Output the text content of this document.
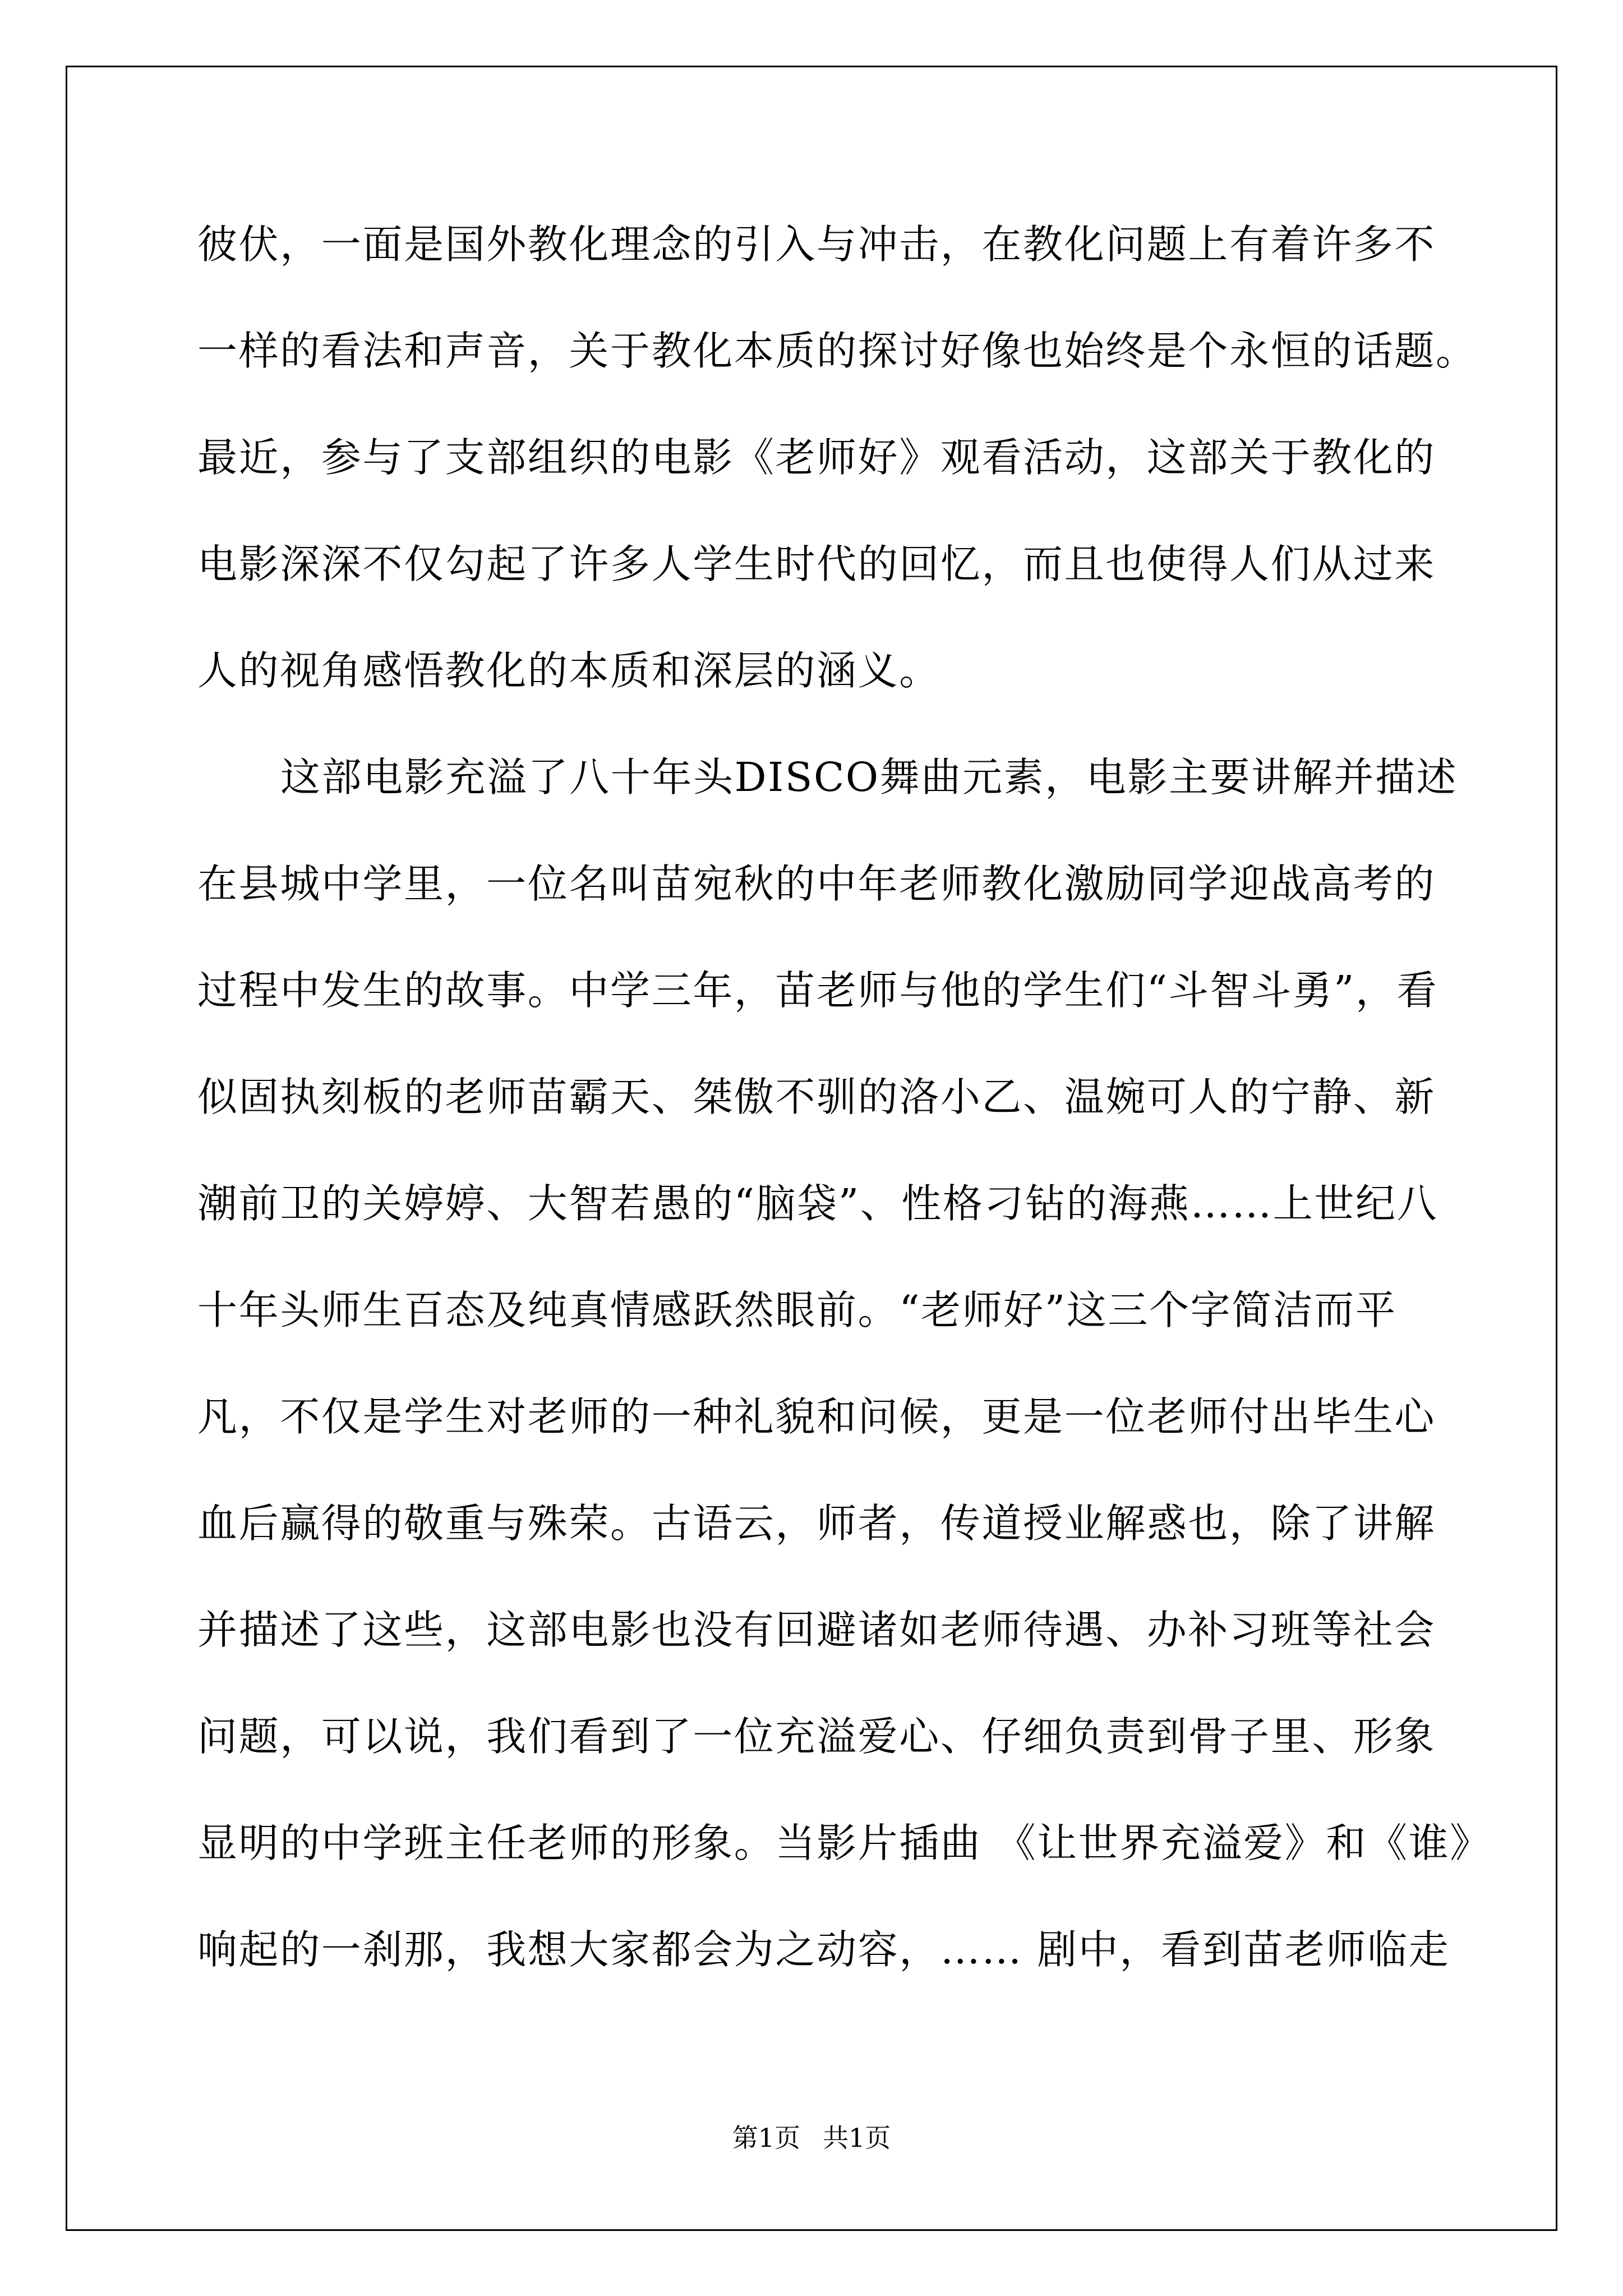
彼伏，一面是国外教化理念的引入与冲击，在教化问题上有着许多不
一样的看法和声音，关于教化本质的探讨好像也始终是个永恒的话题。
最近，参与了支部组织的电影《老师好》观看活动，这部关于教化的
电影深深不仅勾起了许多人学生时代的回忆，而且也使得人们从过来
人的视角感悟教化的本质和深层的涵义。
这部电影充溢了八十年头DISCO舞曲元素，电影主要讲解并描述
在县城中学里，一位名叫苗宛秋的中年老师教化激励同学迎战高考的
过程中发生的故事。中学三年，苗老师与他的学生们“斗智斗勇”，看
似固执刻板的老师苗霸天、桀傲不驯的洛小乙、温婉可人的宁静、新
潮前卫的关婷婷、大智若愚的“脑袋”、性格刁钻的海燕……上世纪八
十年头师生百态及纯真情感跃然眼前。“老师好”这三个字简洁而平
凡，不仅是学生对老师的一种礼貌和问候，更是一位老师付出毕生心
血后赢得的敬重与殊荣。古语云，师者，传道授业解惑也，除了讲解
并描述了这些，这部电影也没有回避诸如老师待遇、办补习班等社会
问题，可以说，我们看到了一位充溢爱心、仔细负责到骨子里、形象
显明的中学班主任老师的形象。当影片插曲 《让世界充溢爱》和《谁》
响起的一刹那，我想大家都会为之动容，…… 剧中，看到苗老师临走
第1页 共1页
